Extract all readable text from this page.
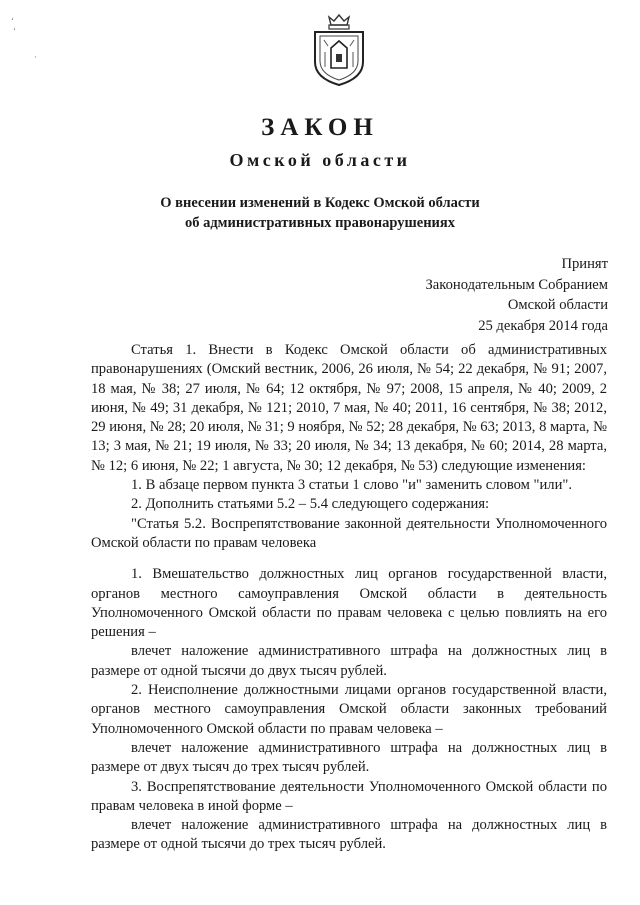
‘
‘
·
ЗАКОН
Омской области
О внесении изменений в Кодекс Омской области
об административных правонарушениях
Принят
Законодательным Собранием
Омской области
25 декабря 2014 года

Статья 1. Внести в Кодекс Омской области об административных правонарушениях (Омский вестник, 2006, 26 июля, № 54; 22 декабря, № 91; 2007, 18 мая, № 38; 27 июля, № 64; 12 октября, № 97; 2008, 15 апреля, № 40; 2009, 2 июня, № 49; 31 декабря, № 121; 2010, 7 мая, № 40; 2011, 16 сентября, № 38; 2012, 29 июня, № 28; 20 июля, № 31; 9 ноября, № 52; 28 декабря, № 63; 2013, 8 марта, № 13; 3 мая, № 21; 19 июля, № 33; 20 июля, № 34; 13 декабря, № 60; 2014, 28 марта, № 12; 6 июня, № 22; 1 августа, № 30; 12 декабря, № 53) следующие изменения:

1. В абзаце первом пункта 3 статьи 1 слово "и" заменить словом "или".

2. Дополнить статьями 5.2 – 5.4 следующего содержания:

"Статья 5.2. Воспрепятствование законной деятельности Уполномоченного Омской области по правам человека

1. Вмешательство должностных лиц органов государственной власти, органов местного самоуправления Омской области в деятельность Уполномоченного Омской области по правам человека с целью повлиять на его решения –

влечет наложение административного штрафа на должностных лиц в размере от одной тысячи до двух тысяч рублей.

2. Неисполнение должностными лицами органов государственной власти, органов местного самоуправления Омской области законных требований Уполномоченного Омской области по правам человека –

влечет наложение административного штрафа на должностных лиц в размере от двух тысяч до трех тысяч рублей.

3. Воспрепятствование деятельности Уполномоченного Омской области по правам человека в иной форме –

влечет наложение административного штрафа на должностных лиц в размере от одной тысячи до трех тысяч рублей.
